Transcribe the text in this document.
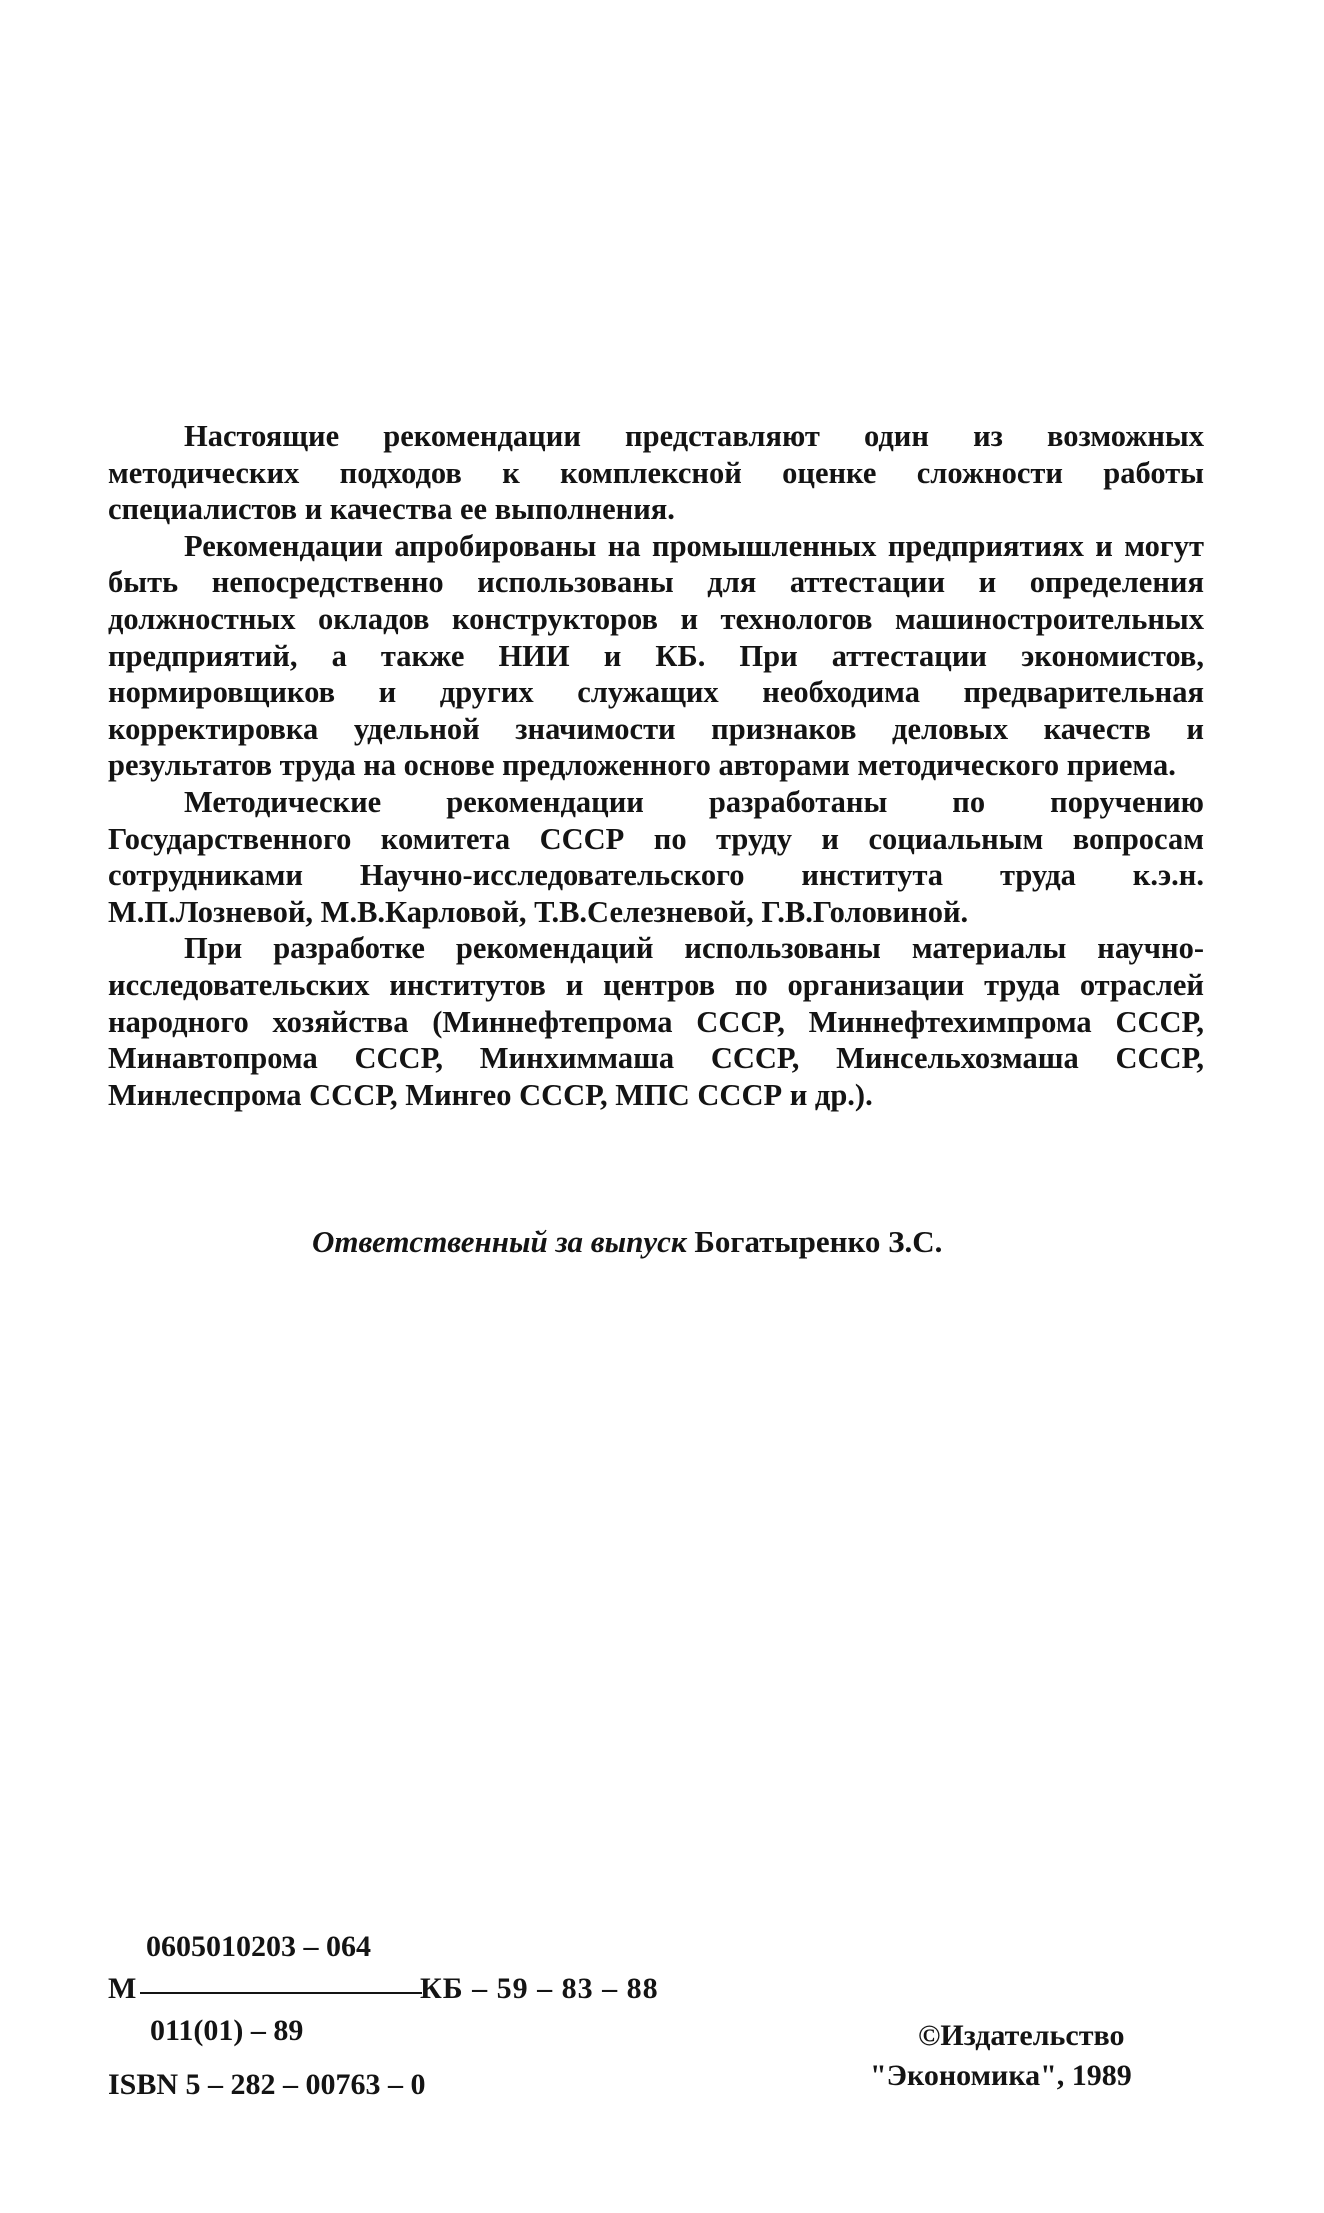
Настоящие рекомендации представляют один из возможных методических подходов к комплексной оценке сложности работы специалистов и качества ее выполнения.

Рекомендации апробированы на промышленных предприятиях и могут быть непосредственно использованы для аттестации и определения должностных окладов конструкторов и технологов машиностроительных предприятий, а также НИИ и КБ. При аттестации экономистов, нормировщиков и других служащих необходима предварительная корректировка удельной значимости признаков деловых качеств и результатов труда на основе предложенного авторами методического приема.

Методические рекомендации разработаны по поручению Государственного комитета СССР по труду и социальным вопросам сотрудниками Научно-исследовательского института труда к.э.н. М.П.Лозневой, М.В.Карловой, Т.В.Селезневой, Г.В.Головиной.

При разработке рекомендаций использованы материалы научно-исследовательских институтов и центров по организации труда отраслей народного хозяйства (Миннефтепрома СССР, Миннефтехимпрома СССР, Минавтопрома СССР, Минхиммаша СССР, Минсельхозмаша СССР, Минлеспрома СССР, Мингео СССР, МПС СССР и др.).

Ответственный за выпуск Богатыренко З.С.
М
0605010203 – 064
КБ – 59 – 83 – 88
011(01) – 89
ISBN 5 – 282 – 00763 – 0
©Издательство
"Экономика", 1989
